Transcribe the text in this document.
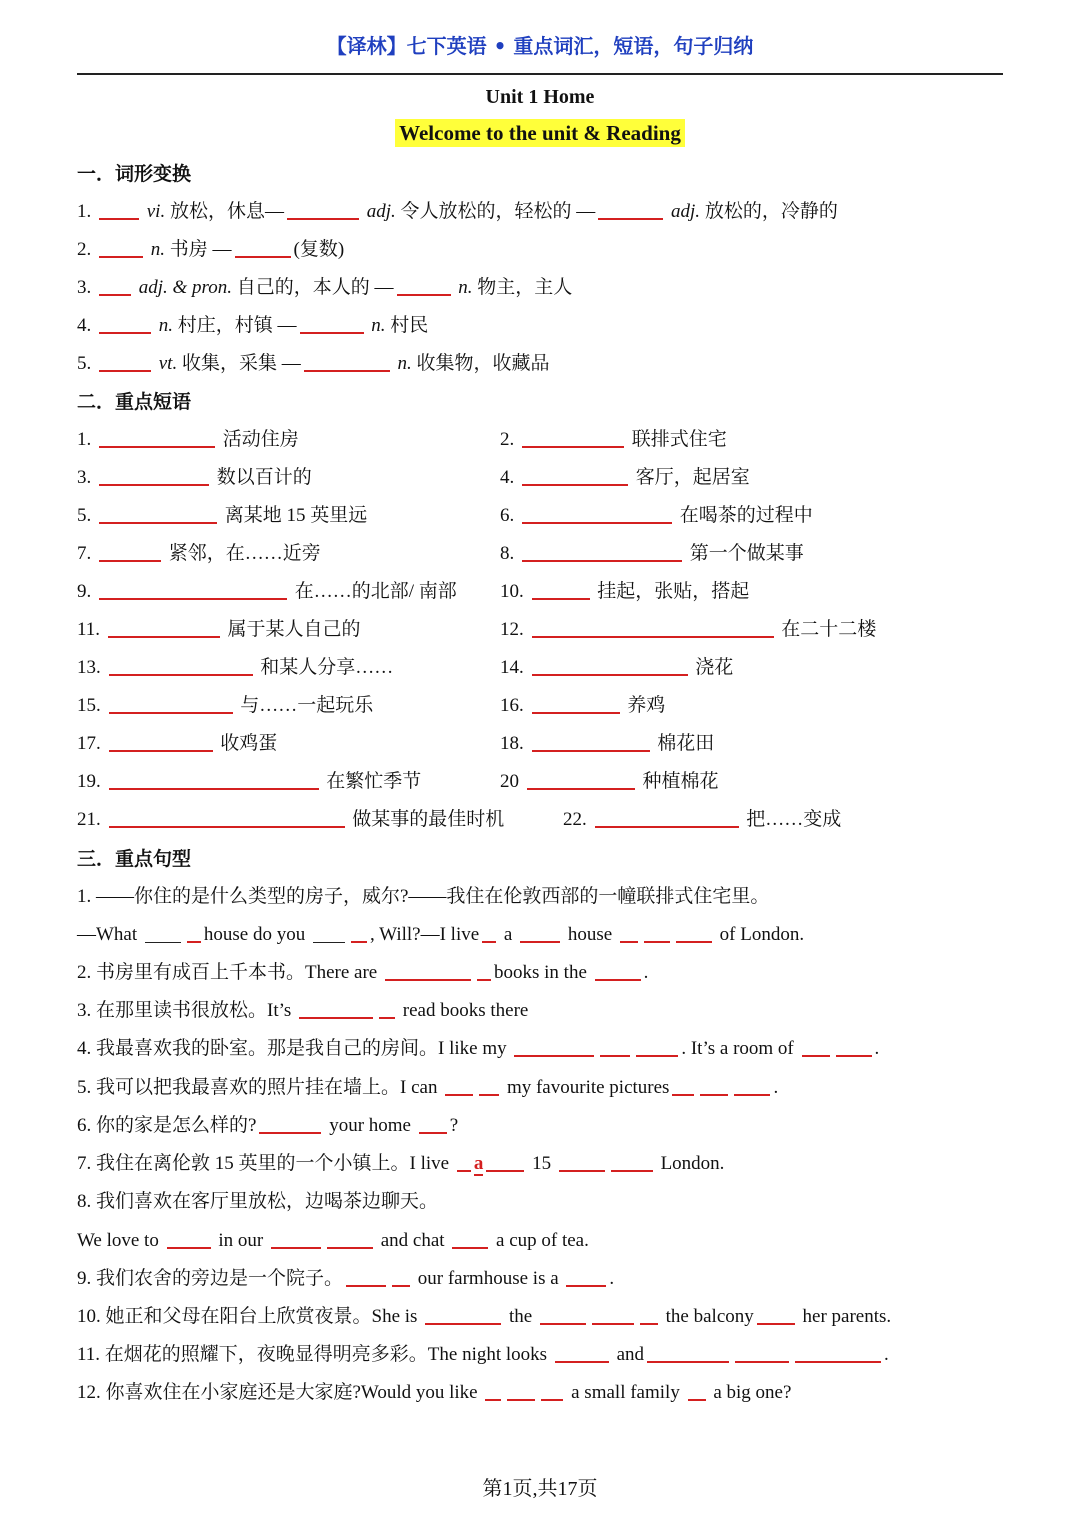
【译林】七下英语 • 重点词汇，短语，句子归纳
Unit 1 Home
Welcome to the unit & Reading
一．词形变换
1.	vi. 放松，休息—	adj. 令人放松的，轻松的 —	adj. 放松的，冷静的
2.	n. 书房 —	(复数)
3.	adj. & pron. 自己的，本人的 —	n. 物主，主人
4.	n. 村庄，村镇 —	n. 村民
5.	vt. 收集，采集 —	n. 收集物，收藏品
二．重点短语
1.	活动住房	2.	联排式住宅
3.	数以百计的	4.	客厅，起居室
5.	离某地 15 英里远	6.	在喝茶的过程中
7.	紧邻，在……近旁	8.	第一个做某事
9.	在……的北部/ 南部 10.	挂起，张贴，搭起
11.	属于某人自己的	12.	在二十二楼
13.	和某人分享……	14.	浇花
15.	与……一起玩乐	16.	养鸡
17.	收鸡蛋	18.	棉花田
19.	在繁忙季节	20	种植棉花
21.	做某事的最佳时机	22.	把……变成
三．重点句型
1. ——你住的是什么类型的房子，威尔?——我住在伦敦西部的一幢联排式住宅里。
—What	house do you	, Will?—I live a	house	of London.
2. 书房里有成百上千本书。There are	books in the	.
3. 在那里读书很放松。It’s	read books there
4. 我最喜欢我的卧室。那是我自己的房间。I like my	. It’s a room of	.
5. 我可以把我最喜欢的照片挂在墙上。I can	my favourite pictures	.
6. 你的家是怎么样的?	your home ?
7. 我住在离伦敦 15 英里的一个小镇上。I live a	15	London.
8. 我们喜欢在客厅里放松，边喝茶边聊天。
We love to	in our	and chat	a cup of tea.
9. 我们农舍的旁边是一个院子。	our farmhouse is a	.
10. 她正和父母在阳台上欣赏夜景。She is	the	the balcony	her parents.
11. 在烟花的照耀下，夜晚显得明亮多彩。The night looks	and	.
12. 你喜欢住在小家庭还是大家庭?Would you like	a small family a big one?
第1页,共17页
